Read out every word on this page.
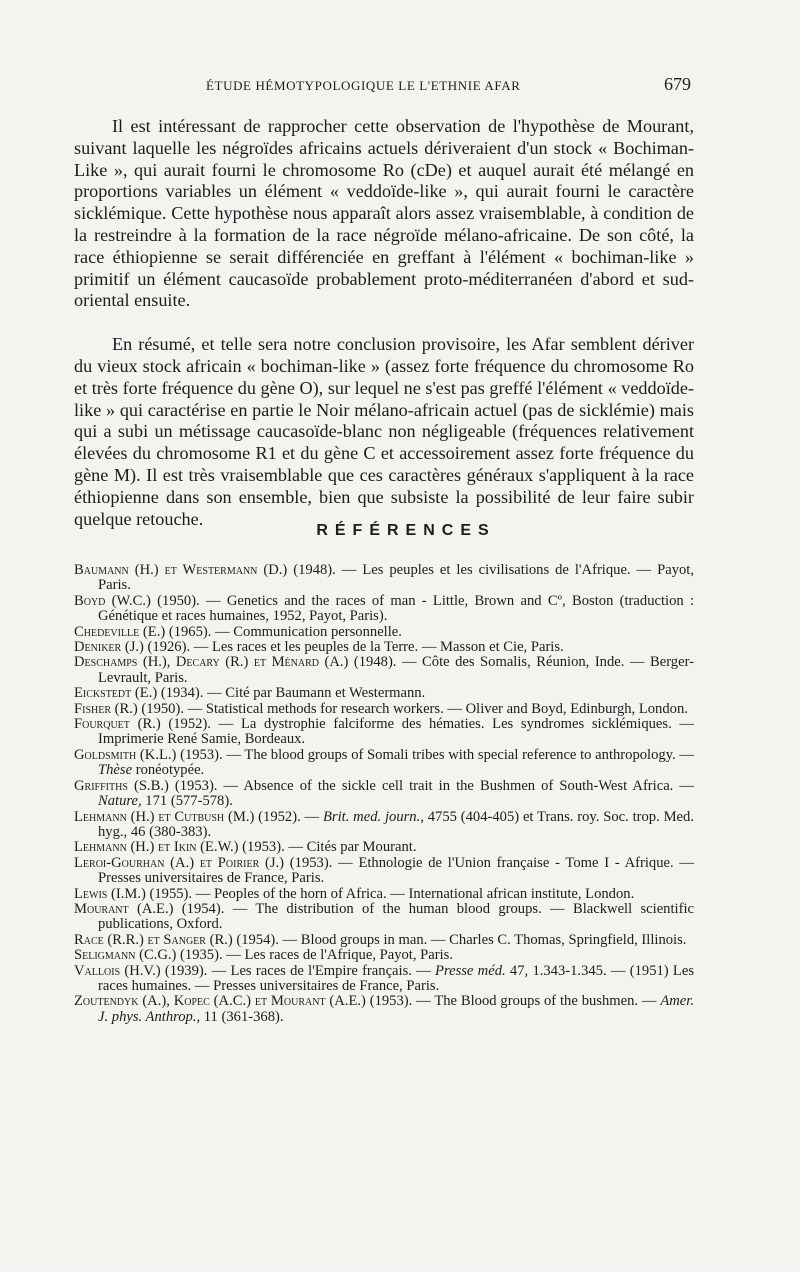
ÉTUDE HÉMOTYPOLOGIQUE LE L'ETHNIE AFAR	679

Il est intéressant de rapprocher cette observation de l'hypothèse de Mourant, suivant laquelle les négroïdes africains actuels dériveraient d'un stock « Bochiman-Like », qui aurait fourni le chromosome Ro (cDe) et auquel aurait été mélangé en proportions variables un élément « veddoïde-like », qui aurait fourni le caractère sicklémique. Cette hypothèse nous apparaît alors assez vraisemblable, à condition de la restreindre à la formation de la race négroïde mélano-africaine. De son côté, la race éthiopienne se serait différenciée en greffant à l'élément « bochiman-like » primitif un élément caucasoïde probablement proto-méditerranéen d'abord et sud-oriental ensuite.

En résumé, et telle sera notre conclusion provisoire, les Afar semblent dériver du vieux stock africain « bochiman-like » (assez forte fréquence du chromosome Ro et très forte fréquence du gène O), sur lequel ne s'est pas greffé l'élément « veddoïde-like » qui caractérise en partie le Noir mélano-africain actuel (pas de sicklémie) mais qui a subi un métissage caucasoïde-blanc non négligeable (fréquences relativement élevées du chromosome R1 et du gène C et accessoirement assez forte fréquence du gène M). Il est très vraisemblable que ces caractères généraux s'appliquent à la race éthiopienne dans son ensemble, bien que subsiste la possibilité de leur faire subir quelque retouche.

RÉFÉRENCES
Baumann (H.) et Westermann (D.) (1948). — Les peuples et les civilisations de l'Afrique. — Payot, Paris.
Boyd (W.C.) (1950). — Genetics and the races of man - Little, Brown and Cº, Boston (traduction : Génétique et races humaines, 1952, Payot, Paris).
Chedeville (E.) (1965). — Communication personnelle.
Deniker (J.) (1926). — Les races et les peuples de la Terre. — Masson et Cie, Paris.
Deschamps (H.), Decary (R.) et Ménard (A.) (1948). — Côte des Somalis, Réunion, Inde. — Berger-Levrault, Paris.
Eickstedt (E.) (1934). — Cité par Baumann et Westermann.
Fisher (R.) (1950). — Statistical methods for research workers. — Oliver and Boyd, Edinburgh, London.
Fourquet (R.) (1952). — La dystrophie falciforme des hématies. Les syndromes sicklémiques. — Imprimerie René Samie, Bordeaux.
Goldsmith (K.L.) (1953). — The blood groups of Somali tribes with special reference to anthropology. — Thèse ronéotypée.
Griffiths (S.B.) (1953). — Absence of the sickle cell trait in the Bushmen of South-West Africa. — Nature, 171 (577-578).
Lehmann (H.) et Cutbush (M.) (1952). — Brit. med. journ., 4755 (404-405) et Trans. roy. Soc. trop. Med. hyg., 46 (380-383).
Lehmann (H.) et Ikin (E.W.) (1953). — Cités par Mourant.
Leroi-Gourhan (A.) et Poirier (J.) (1953). — Ethnologie de l'Union française - Tome I - Afrique. — Presses universitaires de France, Paris.
Lewis (I.M.) (1955). — Peoples of the horn of Africa. — International african institute, London.
Mourant (A.E.) (1954). — The distribution of the human blood groups. — Blackwell scientific publications, Oxford.
Race (R.R.) et Sanger (R.) (1954). — Blood groups in man. — Charles C. Thomas, Springfield, Illinois.
Seligmann (C.G.) (1935). — Les races de l'Afrique, Payot, Paris.
Vallois (H.V.) (1939). — Les races de l'Empire français. — Presse méd. 47, 1.343-1.345. — (1951) Les races humaines. — Presses universitaires de France, Paris.
Zoutendyk (A.), Kopec (A.C.) et Mourant (A.E.) (1953). — The Blood groups of the bushmen. — Amer. J. phys. Anthrop., 11 (361-368).
